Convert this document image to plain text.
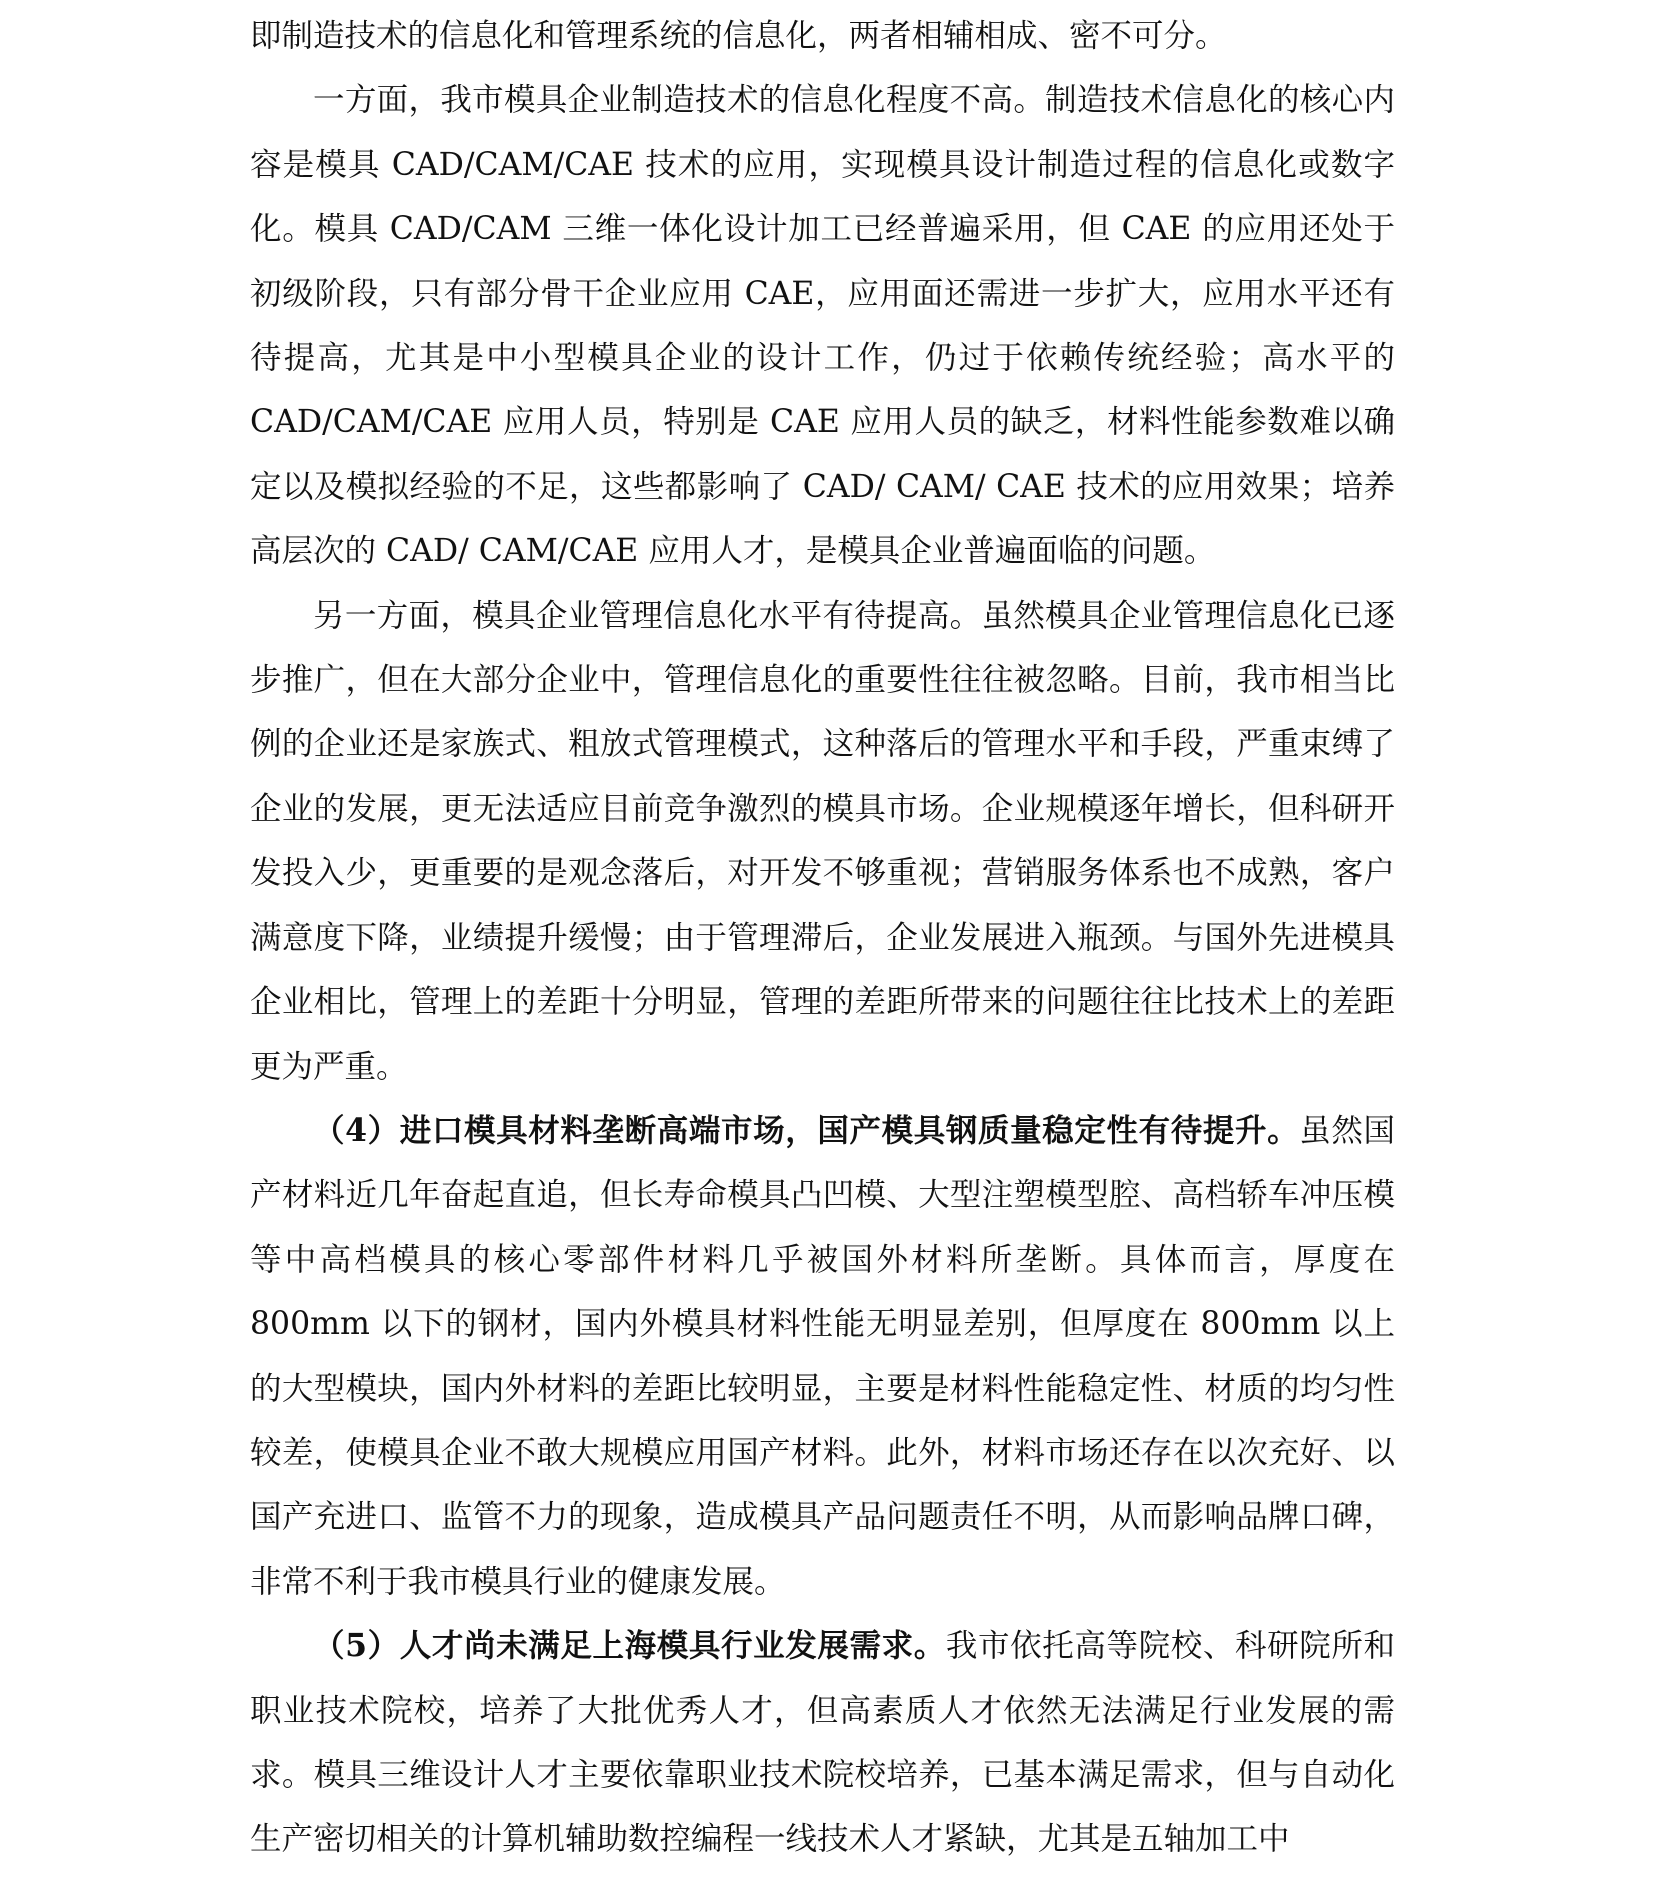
即制造技术的信息化和管理系统的信息化，两者相辅相成、密不可分。

一方面，我市模具企业制造技术的信息化程度不高。制造技术信息化的核心内容是模具 CAD/CAM/CAE 技术的应用，实现模具设计制造过程的信息化或数字化。模具 CAD/CAM 三维一体化设计加工已经普遍采用，但 CAE 的应用还处于初级阶段，只有部分骨干企业应用 CAE，应用面还需进一步扩大，应用水平还有待提高，尤其是中小型模具企业的设计工作，仍过于依赖传统经验；高水平的 CAD/CAM/CAE 应用人员，特别是 CAE 应用人员的缺乏，材料性能参数难以确定以及模拟经验的不足，这些都影响了 CAD/ CAM/ CAE 技术的应用效果；培养高层次的 CAD/ CAM/CAE 应用人才，是模具企业普遍面临的问题。

另一方面，模具企业管理信息化水平有待提高。虽然模具企业管理信息化已逐步推广，但在大部分企业中，管理信息化的重要性往往被忽略。目前，我市相当比例的企业还是家族式、粗放式管理模式，这种落后的管理水平和手段，严重束缚了企业的发展，更无法适应目前竞争激烈的模具市场。企业规模逐年增长，但科研开发投入少，更重要的是观念落后，对开发不够重视；营销服务体系也不成熟，客户满意度下降，业绩提升缓慢；由于管理滞后，企业发展进入瓶颈。与国外先进模具企业相比，管理上的差距十分明显，管理的差距所带来的问题往往比技术上的差距更为严重。

（4）进口模具材料垄断高端市场，国产模具钢质量稳定性有待提升。虽然国产材料近几年奋起直追，但长寿命模具凸凹模、大型注塑模型腔、高档轿车冲压模等中高档模具的核心零部件材料几乎被国外材料所垄断。具体而言，厚度在 800mm 以下的钢材，国内外模具材料性能无明显差别，但厚度在 800mm 以上的大型模块，国内外材料的差距比较明显，主要是材料性能稳定性、材质的均匀性较差，使模具企业不敢大规模应用国产材料。此外，材料市场还存在以次充好、以国产充进口、监管不力的现象，造成模具产品问题责任不明，从而影响品牌口碑，非常不利于我市模具行业的健康发展。

（5）人才尚未满足上海模具行业发展需求。我市依托高等院校、科研院所和职业技术院校，培养了大批优秀人才，但高素质人才依然无法满足行业发展的需求。模具三维设计人才主要依靠职业技术院校培养，已基本满足需求，但与自动化生产密切相关的计算机辅助数控编程一线技术人才紧缺，尤其是五轴加工中
